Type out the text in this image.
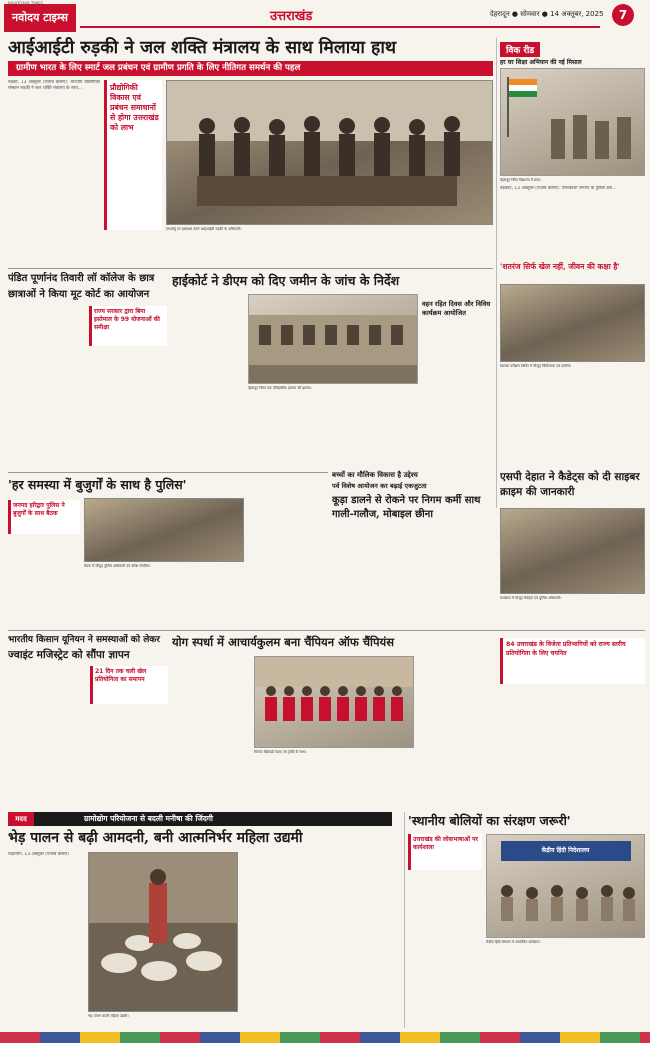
नवोदय टाइम्स	उत्तराखंड	देहरादून ● सोमवार ● 14 अक्तूबर, 2025	7
आईआईटी रुड़की ने जल शक्ति मंत्रालय के साथ मिलाया हाथ
ग्रामीण भारत के लिए स्मार्ट जल प्रबंधन एवं ग्रामीण प्रगति के लिए नीतिगत समर्थन की पहल

रुड़की, 13 अक्तूबर (पंजाब केसरी): भारतीय प्रौद्योगिकी संस्थान रुड़की ने जल शक्ति मंत्रालय के साथ...

	प्रौद्योगिकी विकास एवं प्रबंधन समाधानों से होगा उत्तराखंड को लाभ
एमओयू पर हस्ताक्षर करते आईआईटी रुड़की के अधिकारी।
विक रीड
हर घर शिक्षा अभियान की नई मिसाल
देहरादून स्थित विद्यालय में छात्र।

बड़कोट, 13 अक्तूबर (पंजाब केसरी): उत्तरकाशी जनपद के पुरोला क्षेत्र...

'शतरंज सिर्फ खेल नहीं, जीवन की कक्षा है'
स्वास्थ्य परीक्षण शिविर में मौजूद चिकित्सक एवं ग्रामीण।
पंडित पूर्णानंद तिवारी लॉ कॉलेज के छात्र
छात्राओं ने किया मूट कोर्ट का आयोजन
राज्य सरकार द्वारा बिना इस्तेमाल के 99 योजनाओं की समीक्षा
हाईकोर्ट ने डीएम को दिए जमीन के जांच के निर्देश
देहरादून स्थित एक ऐतिहासिक इमारत की झलक।
वहन रहित दिवस और विविध कार्यक्रम आयोजित
बच्चों का मौलिक विकास है उद्देश्य
'हर समस्या में बुजुर्गों के साथ है पुलिस'
जनपद हरिद्वार पुलिस ने बुजुर्गों के साथ बैठक
बैठक में मौजूद पुलिस अधिकारी एवं वरिष्ठ नागरिक।
पर्व विशेष आयोजन कर बढ़ाई एकजुटता
कूड़ा डालने से रोकने पर निगम कर्मी साथ गाली-गलौज, मोबाइल छीना
एसपी देहात ने कैडेट्स को दी साइबर क्राइम की जानकारी
कार्यक्रम में मौजूद कैडेट्स एवं पुलिस अधिकारी।
भारतीय किसान यूनियन ने समस्याओं को लेकर
ज्वाइंट मजिस्ट्रेट को सौंपा ज्ञापन
21 दिन तक चली खेल प्रतियोगिता का समापन
योग स्पर्धा में आचार्यकुलम बना चैंपियन ऑफ चैंपियंस
विजेता खिलाड़ी पदक एवं ट्रॉफी के साथ।
84 उत्तराखंड के विजेता प्रतिभागियों को राज्य स्तरीय प्रतियोगिता के लिए चयनित
मदद	ग्रामोद्योग परियोजना से बदली मनीषा की जिंदगी
भेड़ पालन से बढ़ी आमदनी, बनी आत्मनिर्भर महिला उद्यमी

रुद्रप्रयाग, 13 अक्तूबर (पंजाब केसरी)

भेड़ पालन करती महिला उद्यमी।
'स्थानीय बोलियों का संरक्षण जरूरी'
उत्तराखंड की लोकभाषाओं पर कार्यशाला	केंद्रीय हिंदी निदेशालय
केंद्रीय हिंदी संस्थान में आयोजित कार्यक्रम।
